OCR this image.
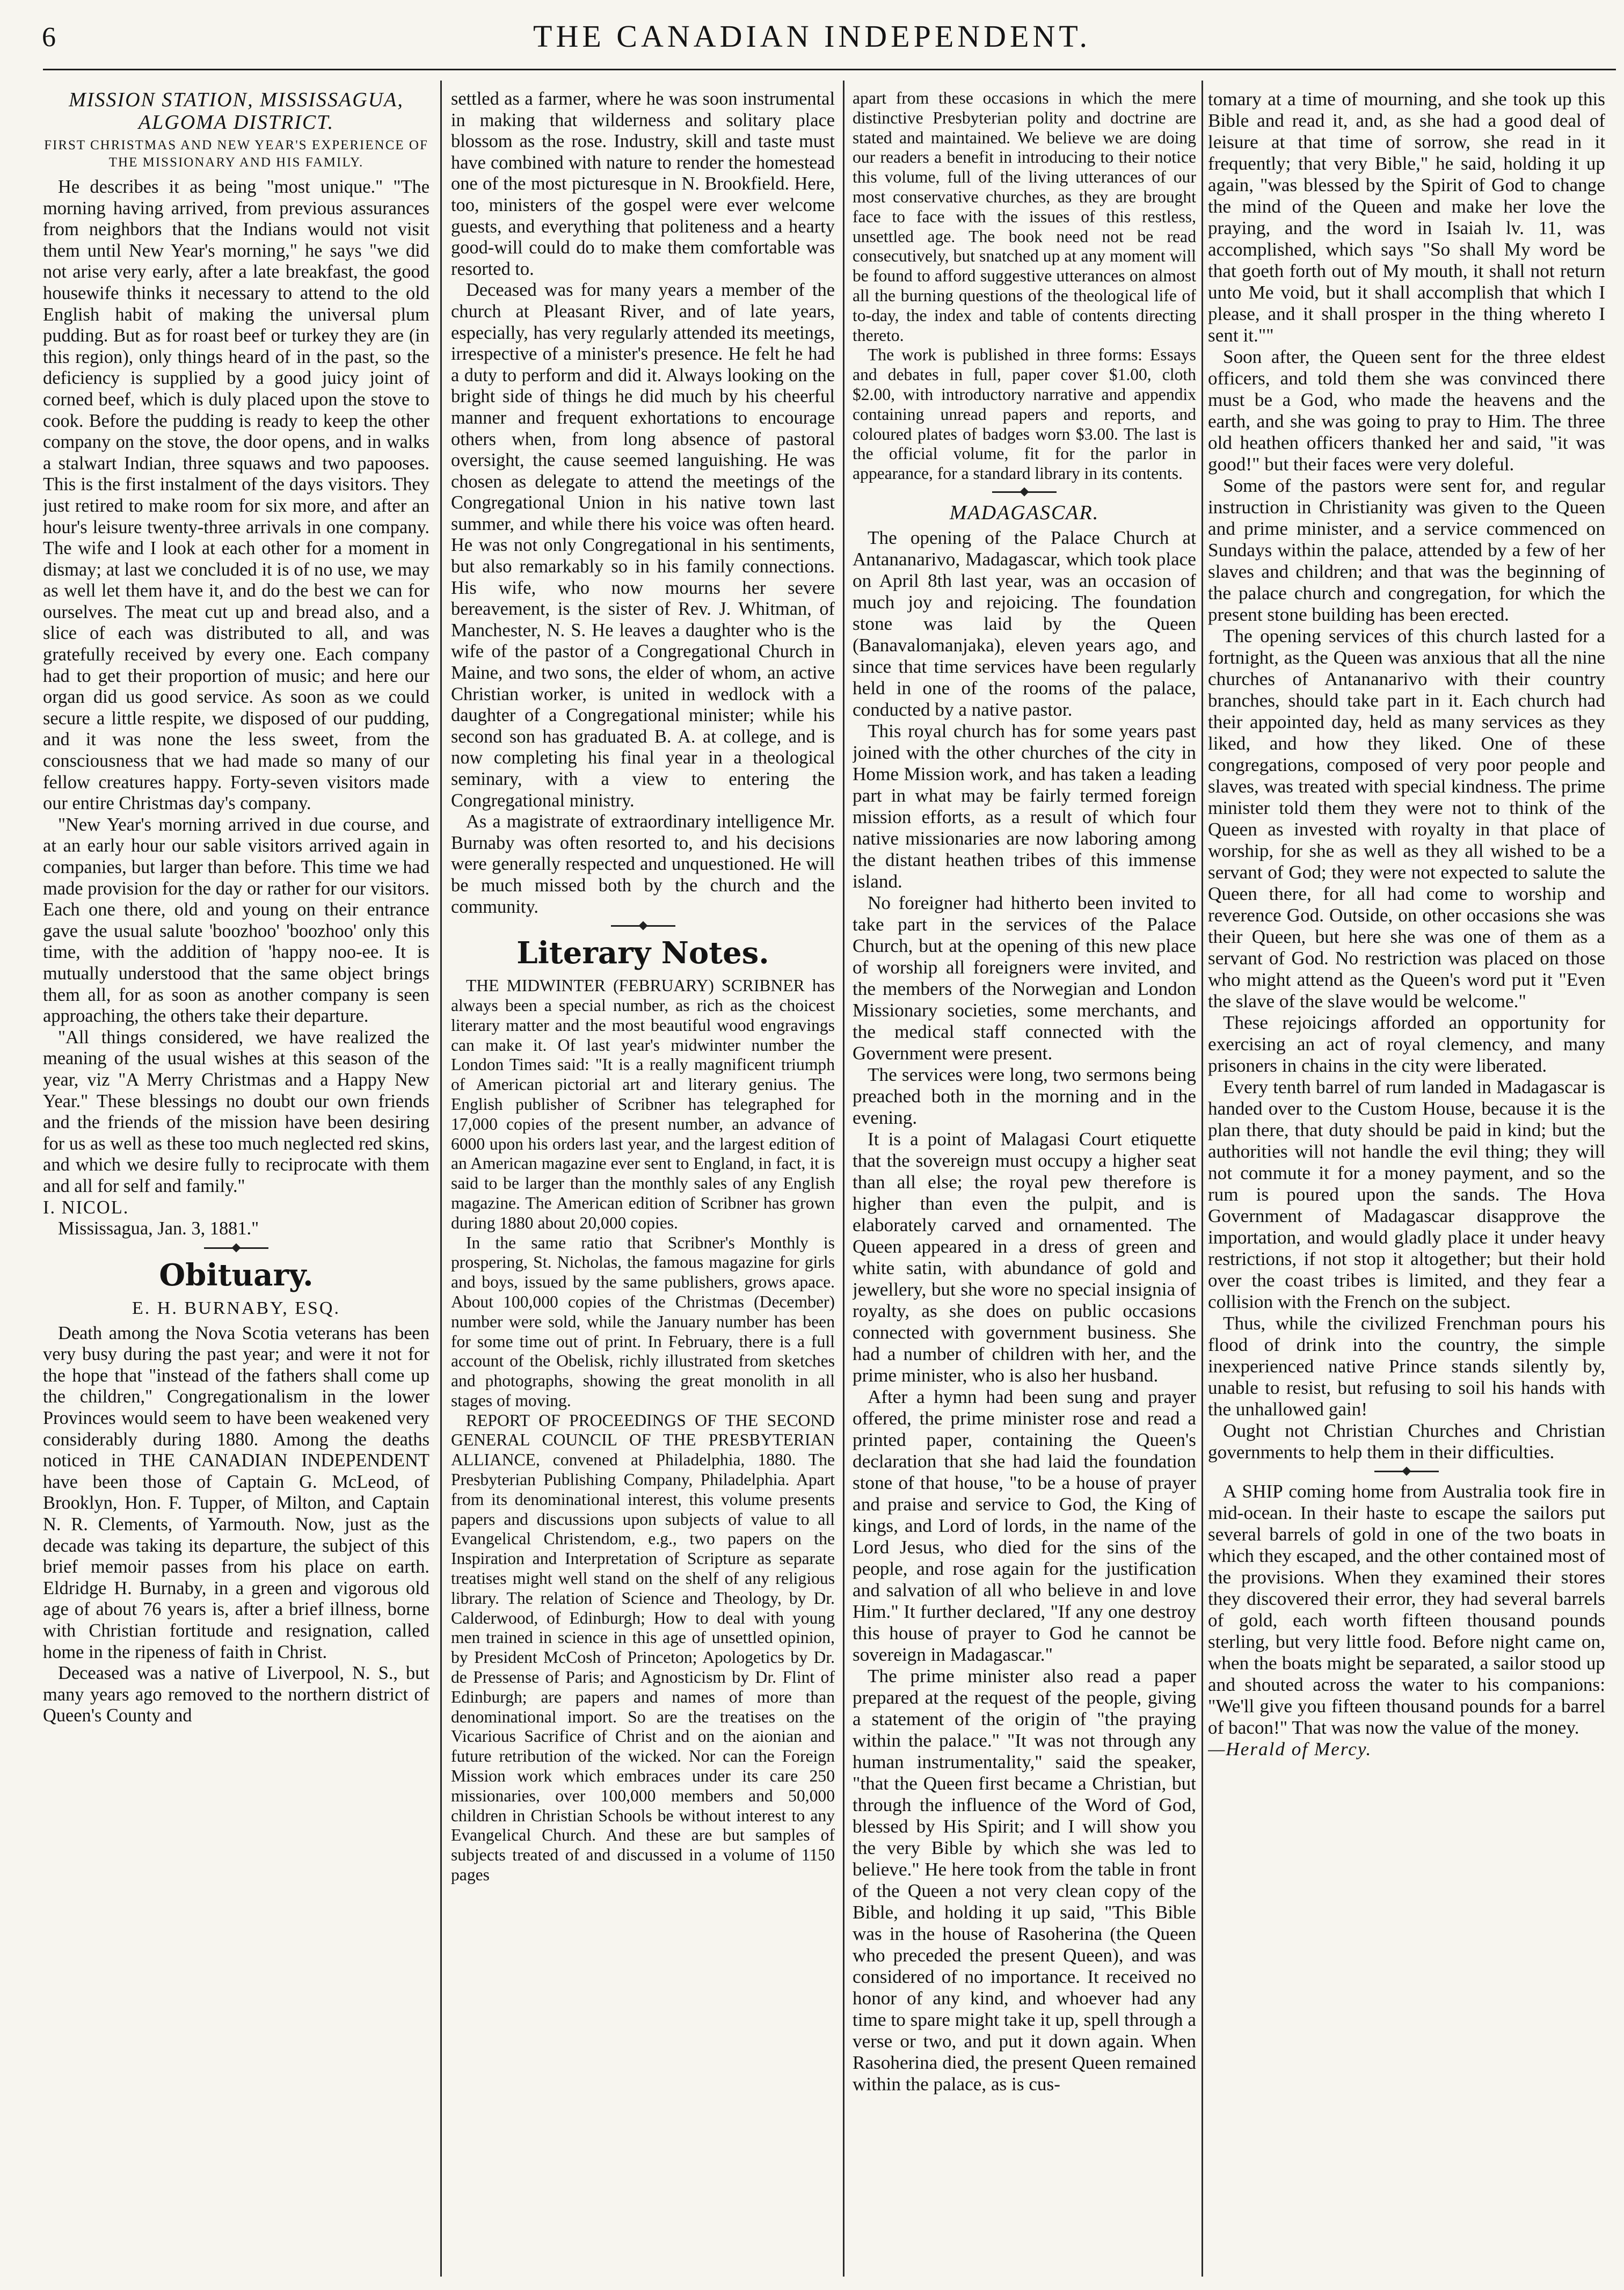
6	THE CANADIAN INDEPENDENT.
MISSION STATION, MISSISSAGUA, ALGOMA DISTRICT.
FIRST CHRISTMAS AND NEW YEAR'S EXPERIENCE OF THE MISSIONARY AND HIS FAMILY.

He describes it as being "most unique." "The morning having arrived, from previous assurances from neighbors that the Indians would not visit them until New Year's morning," he says "we did not arise very early, after a late breakfast, the good housewife thinks it necessary to attend to the old English habit of making the universal plum pudding. But as for roast beef or turkey they are (in this region), only things heard of in the past, so the deficiency is supplied by a good juicy joint of corned beef, which is duly placed upon the stove to cook. Before the pudding is ready to keep the other company on the stove, the door opens, and in walks a stalwart Indian, three squaws and two papooses. This is the first instalment of the days visitors. They just retired to make room for six more, and after an hour's leisure twenty-three arrivals in one company. The wife and I look at each other for a moment in dismay; at last we concluded it is of no use, we may as well let them have it, and do the best we can for ourselves. The meat cut up and bread also, and a slice of each was distributed to all, and was gratefully received by every one. Each company had to get their proportion of music; and here our organ did us good service. As soon as we could secure a little respite, we disposed of our pudding, and it was none the less sweet, from the consciousness that we had made so many of our fellow creatures happy. Forty-seven visitors made our entire Christmas day's company.

"New Year's morning arrived in due course, and at an early hour our sable visitors arrived again in companies, but larger than before. This time we had made provision for the day or rather for our visitors. Each one there, old and young on their entrance gave the usual salute 'boozhoo' 'boozhoo' only this time, with the addition of 'happy noo-ee. It is mutually understood that the same object brings them all, for as soon as another company is seen approaching, the others take their departure.

"All things considered, we have realized the meaning of the usual wishes at this season of the year, viz "A Merry Christmas and a Happy New Year." These blessings no doubt our own friends and the friends of the mission have been desiring for us as well as these too much neglected red skins, and which we desire fully to reciprocate with them and all for self and family."

I. NICOL.

Mississagua, Jan. 3, 1881."

Obituary.
E. H. BURNABY, ESQ.

Death among the Nova Scotia veterans has been very busy during the past year; and were it not for the hope that "instead of the fathers shall come up the children," Congregationalism in the lower Provinces would seem to have been weakened very considerably during 1880. Among the deaths noticed in THE CANADIAN INDEPENDENT have been those of Captain G. McLeod, of Brooklyn, Hon. F. Tupper, of Milton, and Captain N. R. Clements, of Yarmouth. Now, just as the decade was taking its departure, the subject of this brief memoir passes from his place on earth. Eldridge H. Burnaby, in a green and vigorous old age of about 76 years is, after a brief illness, borne with Christian fortitude and resignation, called home in the ripeness of faith in Christ.

Deceased was a native of Liverpool, N. S., but many years ago removed to the northern district of Queen's County and

settled as a farmer, where he was soon instrumental in making that wilderness and solitary place blossom as the rose. Industry, skill and taste must have combined with nature to render the homestead one of the most picturesque in N. Brookfield. Here, too, ministers of the gospel were ever welcome guests, and everything that politeness and a hearty good-will could do to make them comfortable was resorted to.

Deceased was for many years a member of the church at Pleasant River, and of late years, especially, has very regularly attended its meetings, irrespective of a minister's presence. He felt he had a duty to perform and did it. Always looking on the bright side of things he did much by his cheerful manner and frequent exhortations to encourage others when, from long absence of pastoral oversight, the cause seemed languishing. He was chosen as delegate to attend the meetings of the Congregational Union in his native town last summer, and while there his voice was often heard. He was not only Congregational in his sentiments, but also remarkably so in his family connections. His wife, who now mourns her severe bereavement, is the sister of Rev. J. Whitman, of Manchester, N. S. He leaves a daughter who is the wife of the pastor of a Congregational Church in Maine, and two sons, the elder of whom, an active Christian worker, is united in wedlock with a daughter of a Congregational minister; while his second son has graduated B. A. at college, and is now completing his final year in a theological seminary, with a view to entering the Congregational ministry.

As a magistrate of extraordinary intelligence Mr. Burnaby was often resorted to, and his decisions were generally respected and unquestioned. He will be much missed both by the church and the community.

Literary Notes.

THE MIDWINTER (FEBRUARY) SCRIBNER has always been a special number, as rich as the choicest literary matter and the most beautiful wood engravings can make it. Of last year's midwinter number the London Times said: "It is a really magnificent triumph of American pictorial art and literary genius. The English publisher of Scribner has telegraphed for 17,000 copies of the present number, an advance of 6000 upon his orders last year, and the largest edition of an American magazine ever sent to England, in fact, it is said to be larger than the monthly sales of any English magazine. The American edition of Scribner has grown during 1880 about 20,000 copies.

In the same ratio that Scribner's Monthly is prospering, St. Nicholas, the famous magazine for girls and boys, issued by the same publishers, grows apace. About 100,000 copies of the Christmas (December) number were sold, while the January number has been for some time out of print. In February, there is a full account of the Obelisk, richly illustrated from sketches and photographs, showing the great monolith in all stages of moving.

REPORT OF PROCEEDINGS OF THE SECOND GENERAL COUNCIL OF THE PRESBYTERIAN ALLIANCE, convened at Philadelphia, 1880. The Presbyterian Publishing Company, Philadelphia. Apart from its denominational interest, this volume presents papers and discussions upon subjects of value to all Evangelical Christendom, e.g., two papers on the Inspiration and Interpretation of Scripture as separate treatises might well stand on the shelf of any religious library. The relation of Science and Theology, by Dr. Calderwood, of Edinburgh; How to deal with young men trained in science in this age of unsettled opinion, by President McCosh of Princeton; Apologetics by Dr. de Pressense of Paris; and Agnosticism by Dr. Flint of Edinburgh; are papers and names of more than denominational import. So are the treatises on the Vicarious Sacrifice of Christ and on the aionian and future retribution of the wicked. Nor can the Foreign Mission work which embraces under its care 250 missionaries, over 100,000 members and 50,000 children in Christian Schools be without interest to any Evangelical Church. And these are but samples of subjects treated of and discussed in a volume of 1150 pages

apart from these occasions in which the mere distinctive Presbyterian polity and doctrine are stated and maintained. We believe we are doing our readers a benefit in introducing to their notice this volume, full of the living utterances of our most conservative churches, as they are brought face to face with the issues of this restless, unsettled age. The book need not be read consecutively, but snatched up at any moment will be found to afford suggestive utterances on almost all the burning questions of the theological life of to-day, the index and table of contents directing thereto.

The work is published in three forms: Essays and debates in full, paper cover $1.00, cloth $2.00, with introductory narrative and appendix containing unread papers and reports, and coloured plates of badges worn $3.00. The last is the official volume, fit for the parlor in appearance, for a standard library in its contents.

MADAGASCAR.

The opening of the Palace Church at Antananarivo, Madagascar, which took place on April 8th last year, was an occasion of much joy and rejoicing. The foundation stone was laid by the Queen (Banavalomanjaka), eleven years ago, and since that time services have been regularly held in one of the rooms of the palace, conducted by a native pastor.

This royal church has for some years past joined with the other churches of the city in Home Mission work, and has taken a leading part in what may be fairly termed foreign mission efforts, as a result of which four native missionaries are now laboring among the distant heathen tribes of this immense island.

No foreigner had hitherto been invited to take part in the services of the Palace Church, but at the opening of this new place of worship all foreigners were invited, and the members of the Norwegian and London Missionary societies, some merchants, and the medical staff connected with the Government were present.

The services were long, two sermons being preached both in the morning and in the evening.

It is a point of Malagasi Court etiquette that the sovereign must occupy a higher seat than all else; the royal pew therefore is higher than even the pulpit, and is elaborately carved and ornamented. The Queen appeared in a dress of green and white satin, with abundance of gold and jewellery, but she wore no special insignia of royalty, as she does on public occasions connected with government business. She had a number of children with her, and the prime minister, who is also her husband.

After a hymn had been sung and prayer offered, the prime minister rose and read a printed paper, containing the Queen's declaration that she had laid the foundation stone of that house, "to be a house of prayer and praise and service to God, the King of kings, and Lord of lords, in the name of the Lord Jesus, who died for the sins of the people, and rose again for the justification and salvation of all who believe in and love Him." It further declared, "If any one destroy this house of prayer to God he cannot be sovereign in Madagascar."

The prime minister also read a paper prepared at the request of the people, giving a statement of the origin of "the praying within the palace." "It was not through any human instrumentality," said the speaker, "that the Queen first became a Christian, but through the influence of the Word of God, blessed by His Spirit; and I will show you the very Bible by which she was led to believe." He here took from the table in front of the Queen a not very clean copy of the Bible, and holding it up said, "This Bible was in the house of Rasoherina (the Queen who preceded the present Queen), and was considered of no importance. It received no honor of any kind, and whoever had any time to spare might take it up, spell through a verse or two, and put it down again. When Rasoherina died, the present Queen remained within the palace, as is cus-

tomary at a time of mourning, and she took up this Bible and read it, and, as she had a good deal of leisure at that time of sorrow, she read in it frequently; that very Bible," he said, holding it up again, "was blessed by the Spirit of God to change the mind of the Queen and make her love the praying, and the word in Isaiah lv. 11, was accomplished, which says "So shall My word be that goeth forth out of My mouth, it shall not return unto Me void, but it shall accomplish that which I please, and it shall prosper in the thing whereto I sent it.""

Soon after, the Queen sent for the three eldest officers, and told them she was convinced there must be a God, who made the heavens and the earth, and she was going to pray to Him. The three old heathen officers thanked her and said, "it was good!" but their faces were very doleful.

Some of the pastors were sent for, and regular instruction in Christianity was given to the Queen and prime minister, and a service commenced on Sundays within the palace, attended by a few of her slaves and children; and that was the beginning of the palace church and congregation, for which the present stone building has been erected.

The opening services of this church lasted for a fortnight, as the Queen was anxious that all the nine churches of Antananarivo with their country branches, should take part in it. Each church had their appointed day, held as many services as they liked, and how they liked. One of these congregations, composed of very poor people and slaves, was treated with special kindness. The prime minister told them they were not to think of the Queen as invested with royalty in that place of worship, for she as well as they all wished to be a servant of God; they were not expected to salute the Queen there, for all had come to worship and reverence God. Outside, on other occasions she was their Queen, but here she was one of them as a servant of God. No restriction was placed on those who might attend as the Queen's word put it "Even the slave of the slave would be welcome."

These rejoicings afforded an opportunity for exercising an act of royal clemency, and many prisoners in chains in the city were liberated.

Every tenth barrel of rum landed in Madagascar is handed over to the Custom House, because it is the plan there, that duty should be paid in kind; but the authorities will not handle the evil thing; they will not commute it for a money payment, and so the rum is poured upon the sands. The Hova Government of Madagascar disapprove the importation, and would gladly place it under heavy restrictions, if not stop it altogether; but their hold over the coast tribes is limited, and they fear a collision with the French on the subject.

Thus, while the civilized Frenchman pours his flood of drink into the country, the simple inexperienced native Prince stands silently by, unable to resist, but refusing to soil his hands with the unhallowed gain!

Ought not Christian Churches and Christian governments to help them in their difficulties.

A SHIP coming home from Australia took fire in mid-ocean. In their haste to escape the sailors put several barrels of gold in one of the two boats in which they escaped, and the other contained most of the provisions. When they examined their stores they discovered their error, they had several barrels of gold, each worth fifteen thousand pounds sterling, but very little food. Before night came on, when the boats might be separated, a sailor stood up and shouted across the water to his companions: "We'll give you fifteen thousand pounds for a barrel of bacon!" That was now the value of the money.

—Herald of Mercy.
